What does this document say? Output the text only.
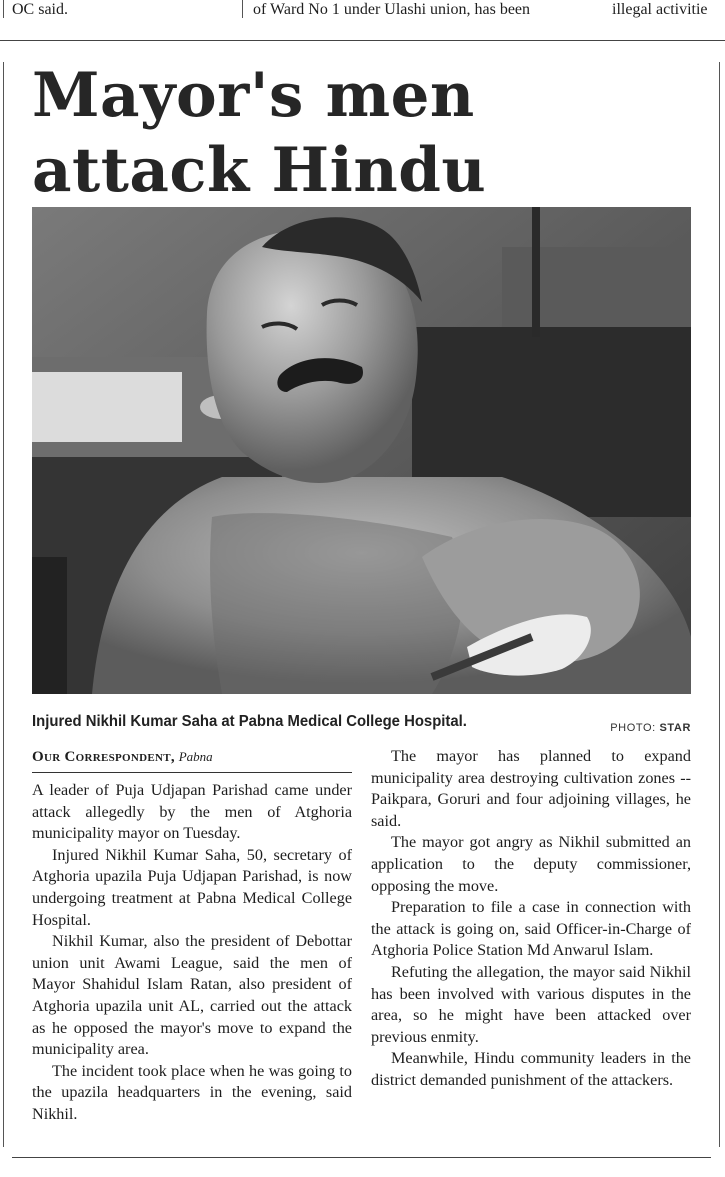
OC said.	of Ward No 1 under Ulashi union, has been	illegal activitie
Mayor's men attack Hindu
Injured Nikhil Kumar Saha at Pabna Medical College Hospital.	PHOTO: STAR
Our Correspondent, Pabna

A leader of Puja Udjapan Parishad came under attack allegedly by the men of Atghoria municipality mayor on Tuesday.

Injured Nikhil Kumar Saha, 50, secretary of Atghoria upazila Puja Udjapan Parishad, is now undergoing treatment at Pabna Medical College Hospital.

Nikhil Kumar, also the president of Debottar union unit Awami League, said the men of Mayor Shahidul Islam Ratan, also president of Atghoria upazila unit AL, carried out the attack as he opposed the mayor's move to expand the municipality area.

The incident took place when he was going to the upazila headquarters in the evening, said Nikhil.

The mayor has planned to expand municipality area destroying cultivation zones -- Paikpara, Goruri and four adjoining villages, he said.

The mayor got angry as Nikhil submitted an application to the deputy commissioner, opposing the move.

Preparation to file a case in connection with the attack is going on, said Officer-in-Charge of Atghoria Police Station Md Anwarul Islam.

Refuting the allegation, the mayor said Nikhil has been involved with various disputes in the area, so he might have been attacked over previous enmity.

Meanwhile, Hindu community leaders in the district demanded punishment of the attackers.
